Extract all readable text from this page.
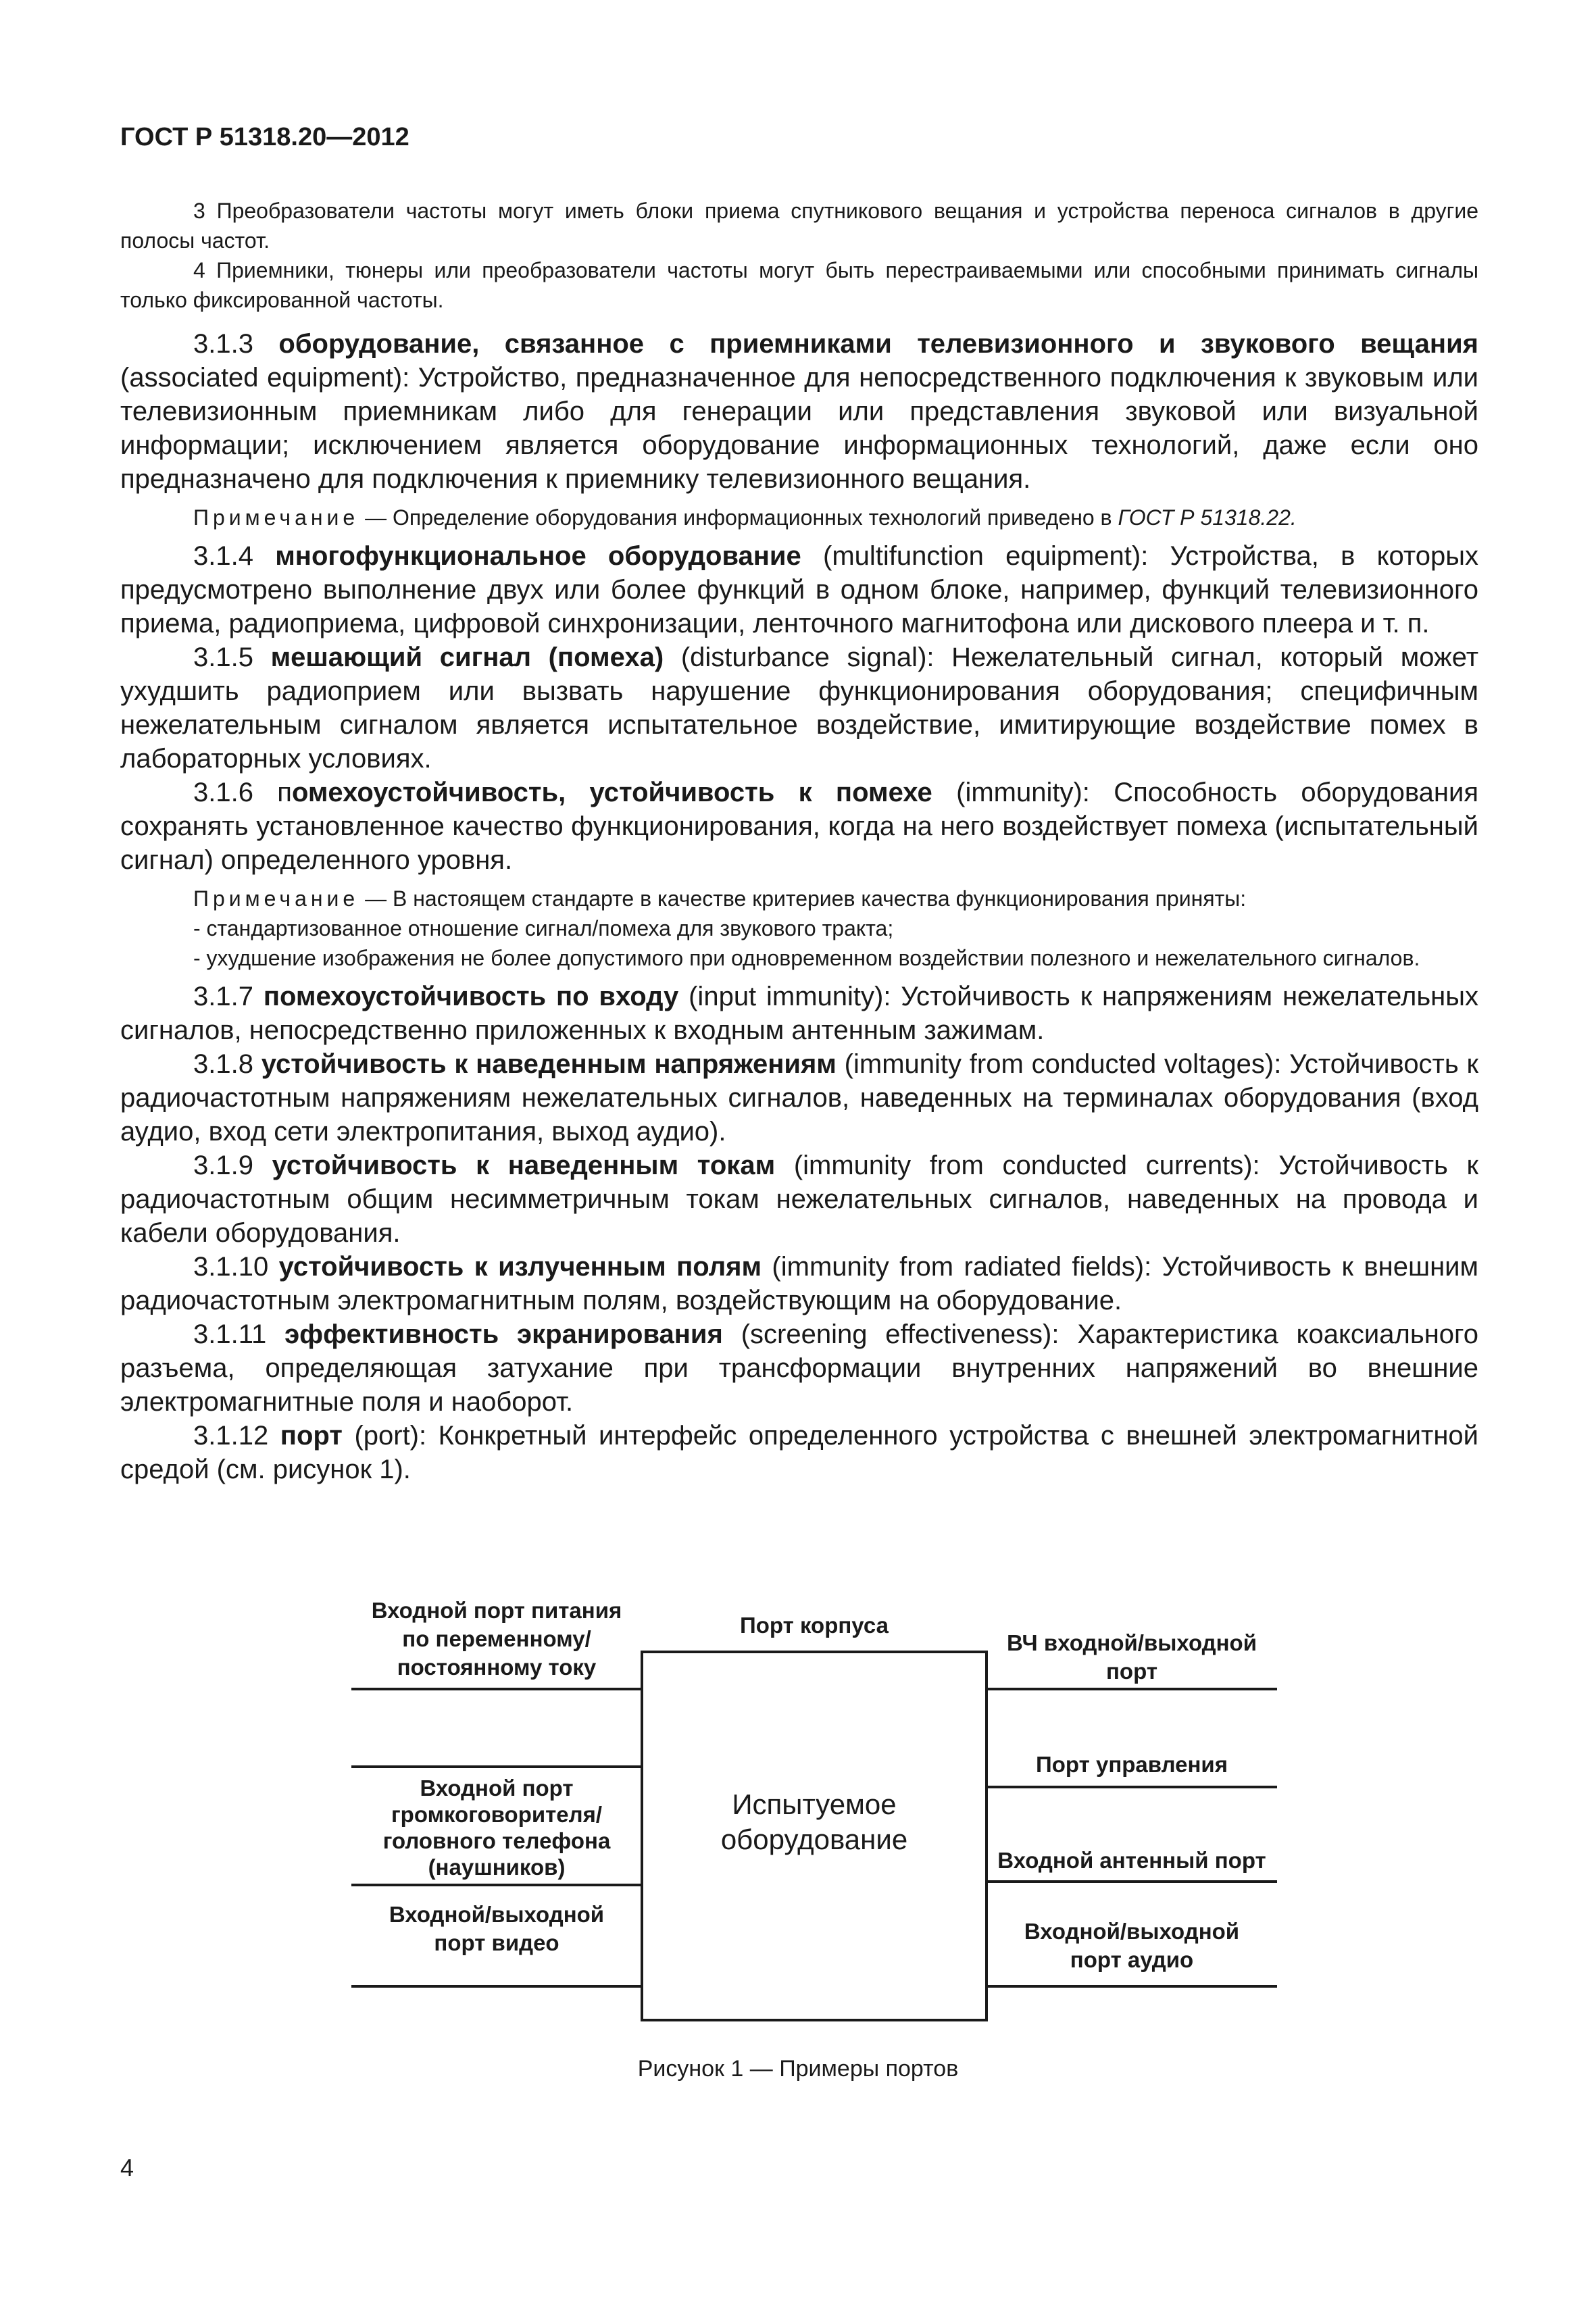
ГОСТ Р 51318.20—2012

3 Преобразователи частоты могут иметь блоки приема спутникового вещания и устройства переноса сигналов в другие полосы частот.

4 Приемники, тюнеры или преобразователи частоты могут быть перестраиваемыми или способными принимать сигналы только фиксированной частоты.

3.1.3 оборудование, связанное с приемниками телевизионного и звукового вещания (associated equipment): Устройство, предназначенное для непосредственного подключения к звуковым или телевизионным приемникам либо для генерации или представления звуковой или визуальной информации; исключением является оборудование информационных технологий, даже если оно предназначено для подключения к приемнику телевизионного вещания.

Примечание — Определение оборудования информационных технологий приведено в ГОСТ Р 51318.22.

3.1.4 многофункциональное оборудование (multifunction equipment): Устройства, в которых предусмотрено выполнение двух или более функций в одном блоке, например, функций телевизионного приема, радиоприема, цифровой синхронизации, ленточного магнитофона или дискового плеера и т. п.

3.1.5 мешающий сигнал (помеха) (disturbance signal): Нежелательный сигнал, который может ухудшить радиоприем или вызвать нарушение функционирования оборудования; специфичным нежелательным сигналом является испытательное воздействие, имитирующие воздействие помех в лабораторных условиях.

3.1.6 помехоустойчивость, устойчивость к помехе (immunity): Способность оборудования сохранять установленное качество функционирования, когда на него воздействует помеха (испытательный сигнал) определенного уровня.

Примечание — В настоящем стандарте в качестве критериев качества функционирования приняты:

- стандартизованное отношение сигнал/помеха для звукового тракта;

- ухудшение изображения не более допустимого при одновременном воздействии полезного и нежелательного сигналов.

3.1.7 помехоустойчивость по входу (input immunity): Устойчивость к напряжениям нежелательных сигналов, непосредственно приложенных к входным антенным зажимам.

3.1.8 устойчивость к наведенным напряжениям (immunity from conducted voltages): Устойчивость к радиочастотным напряжениям нежелательных сигналов, наведенных на терминалах оборудования (вход аудио, вход сети электропитания, выход аудио).

3.1.9 устойчивость к наведенным токам (immunity from conducted currents): Устойчивость к радиочастотным общим несимметричным токам нежелательных сигналов, наведенных на провода и кабели оборудования.

3.1.10 устойчивость к излученным полям (immunity from radiated fields): Устойчивость к внешним радиочастотным электромагнитным полям, воздействующим на оборудование.

3.1.11 эффективность экранирования (screening effectiveness): Характеристика коаксиального разъема, определяющая затухание при трансформации внутренних напряжений во внешние электромагнитные поля и наоборот.

3.1.12 порт (port): Конкретный интерфейс определенного устройства с внешней электромагнитной средой (см. рисунок 1).

Порт корпуса
Испытуемое
оборудование
Входной порт питания
по переменному/
постоянному току
Входной порт
громкоговорителя/
головного телефона
(наушников)
Входной/выходной
порт видео
ВЧ входной/выходной
порт
Порт управления
Входной антенный порт
Входной/выходной
порт аудио
Рисунок 1 — Примеры портов
4
